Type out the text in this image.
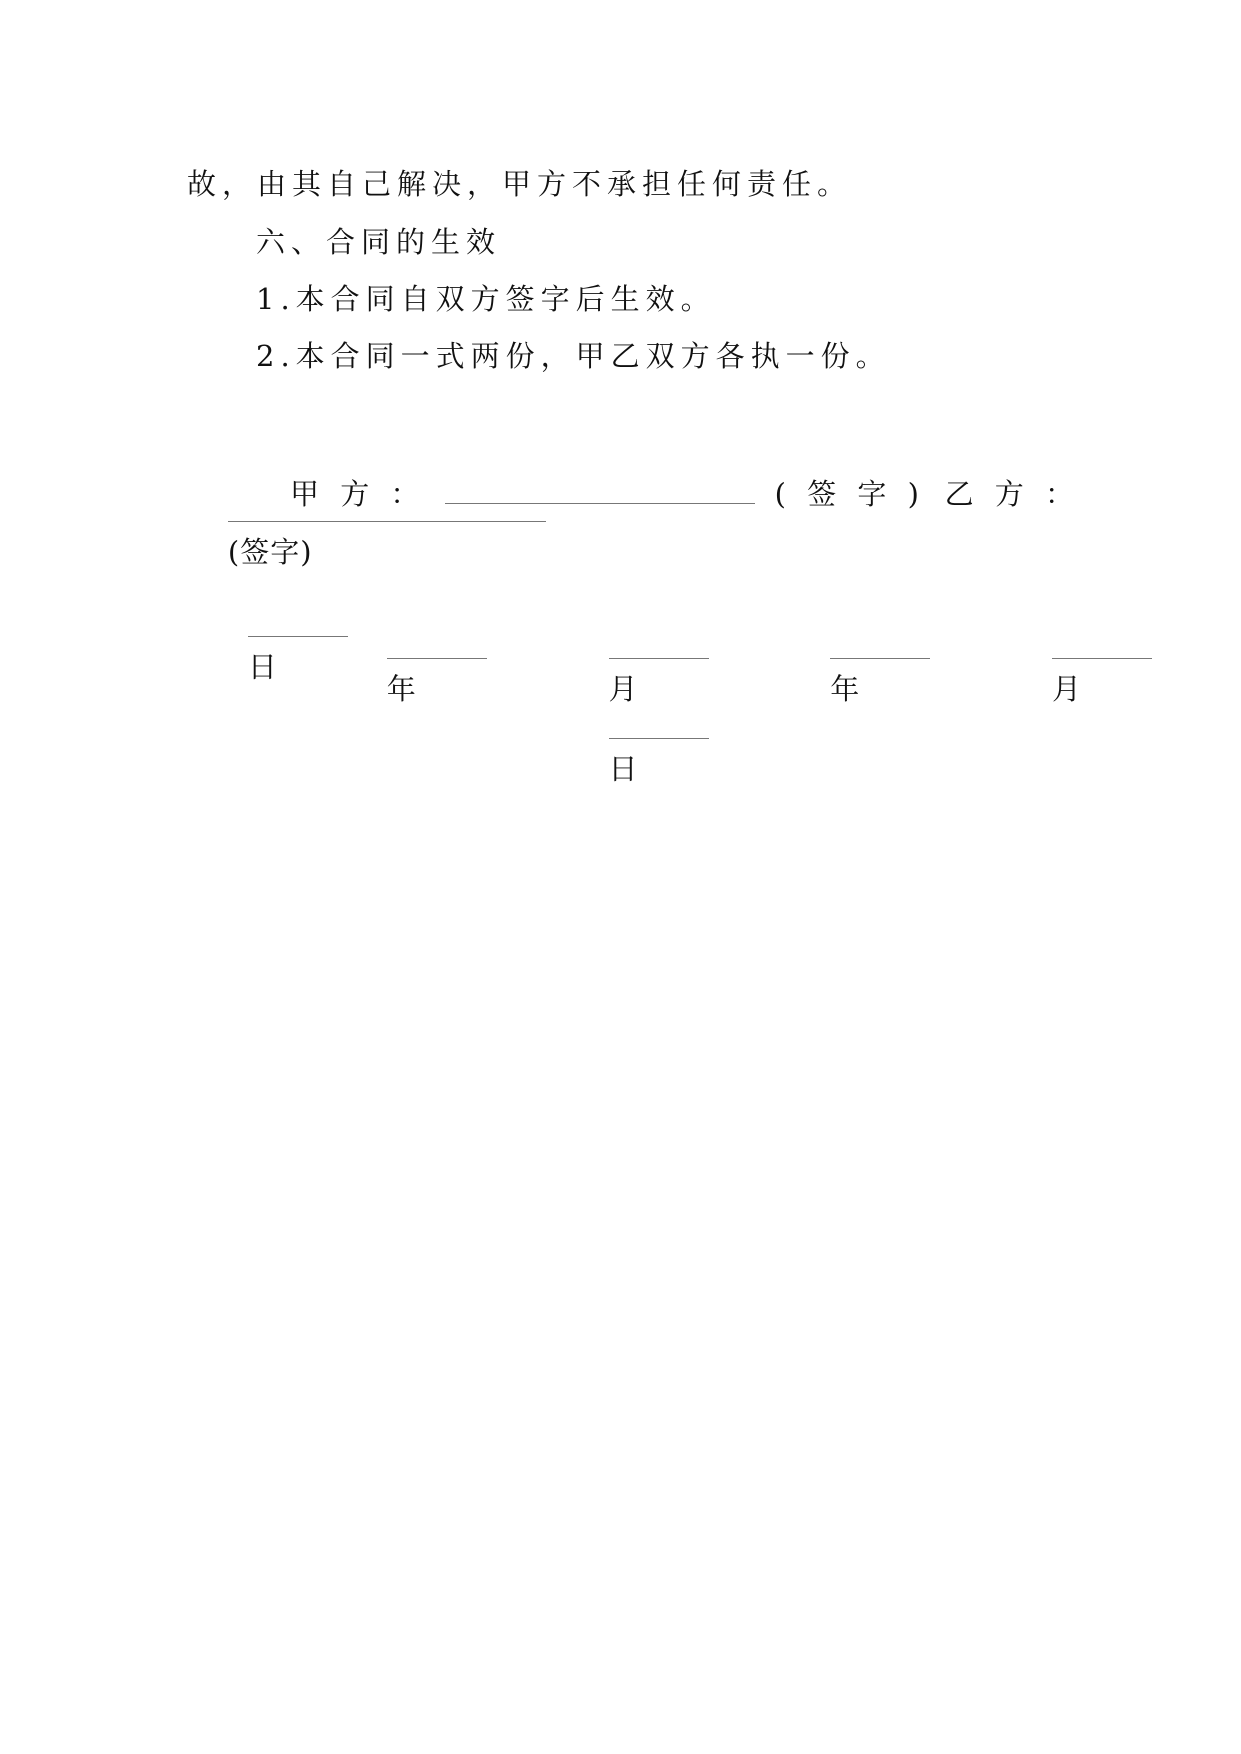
故，由其自己解决，甲方不承担任何责任。
六、合同的生效
1.本合同自双方签字后生效。
2.本合同一式两份，甲乙双方各执一份。

甲 方 ：	( 签 字 ) 乙 方 ：

(签字)

年

	月

日

年

	月

日
